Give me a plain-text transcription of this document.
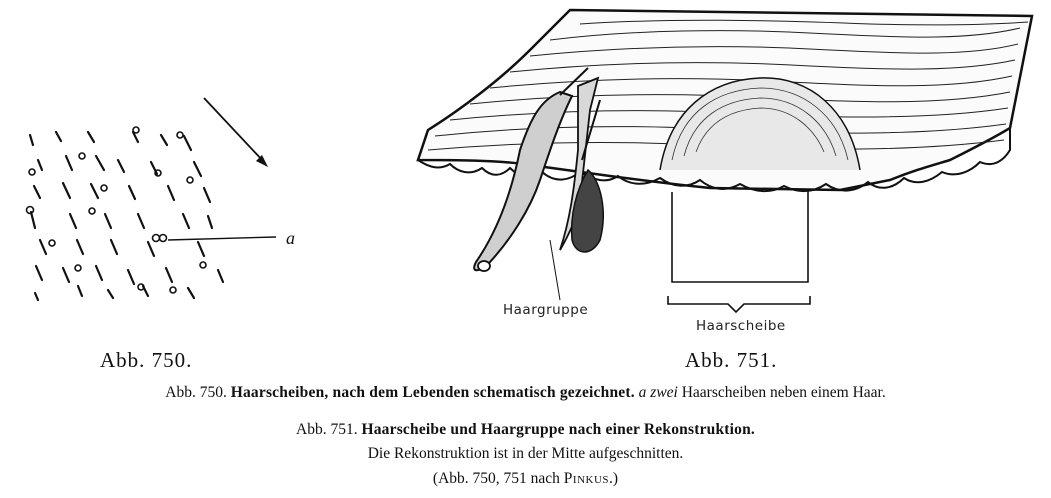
a
Haargruppe
Haarscheibe
Abb. 750.	Abb. 751.
Abb. 750. Haarscheiben, nach dem Lebenden schematisch gezeichnet. a zwei Haarscheiben neben einem Haar.
Abb. 751. Haarscheibe und Haargruppe nach einer Rekonstruktion.
Die Rekonstruktion ist in der Mitte aufgeschnitten.
(Abb. 750, 751 nach Pinkus.)
